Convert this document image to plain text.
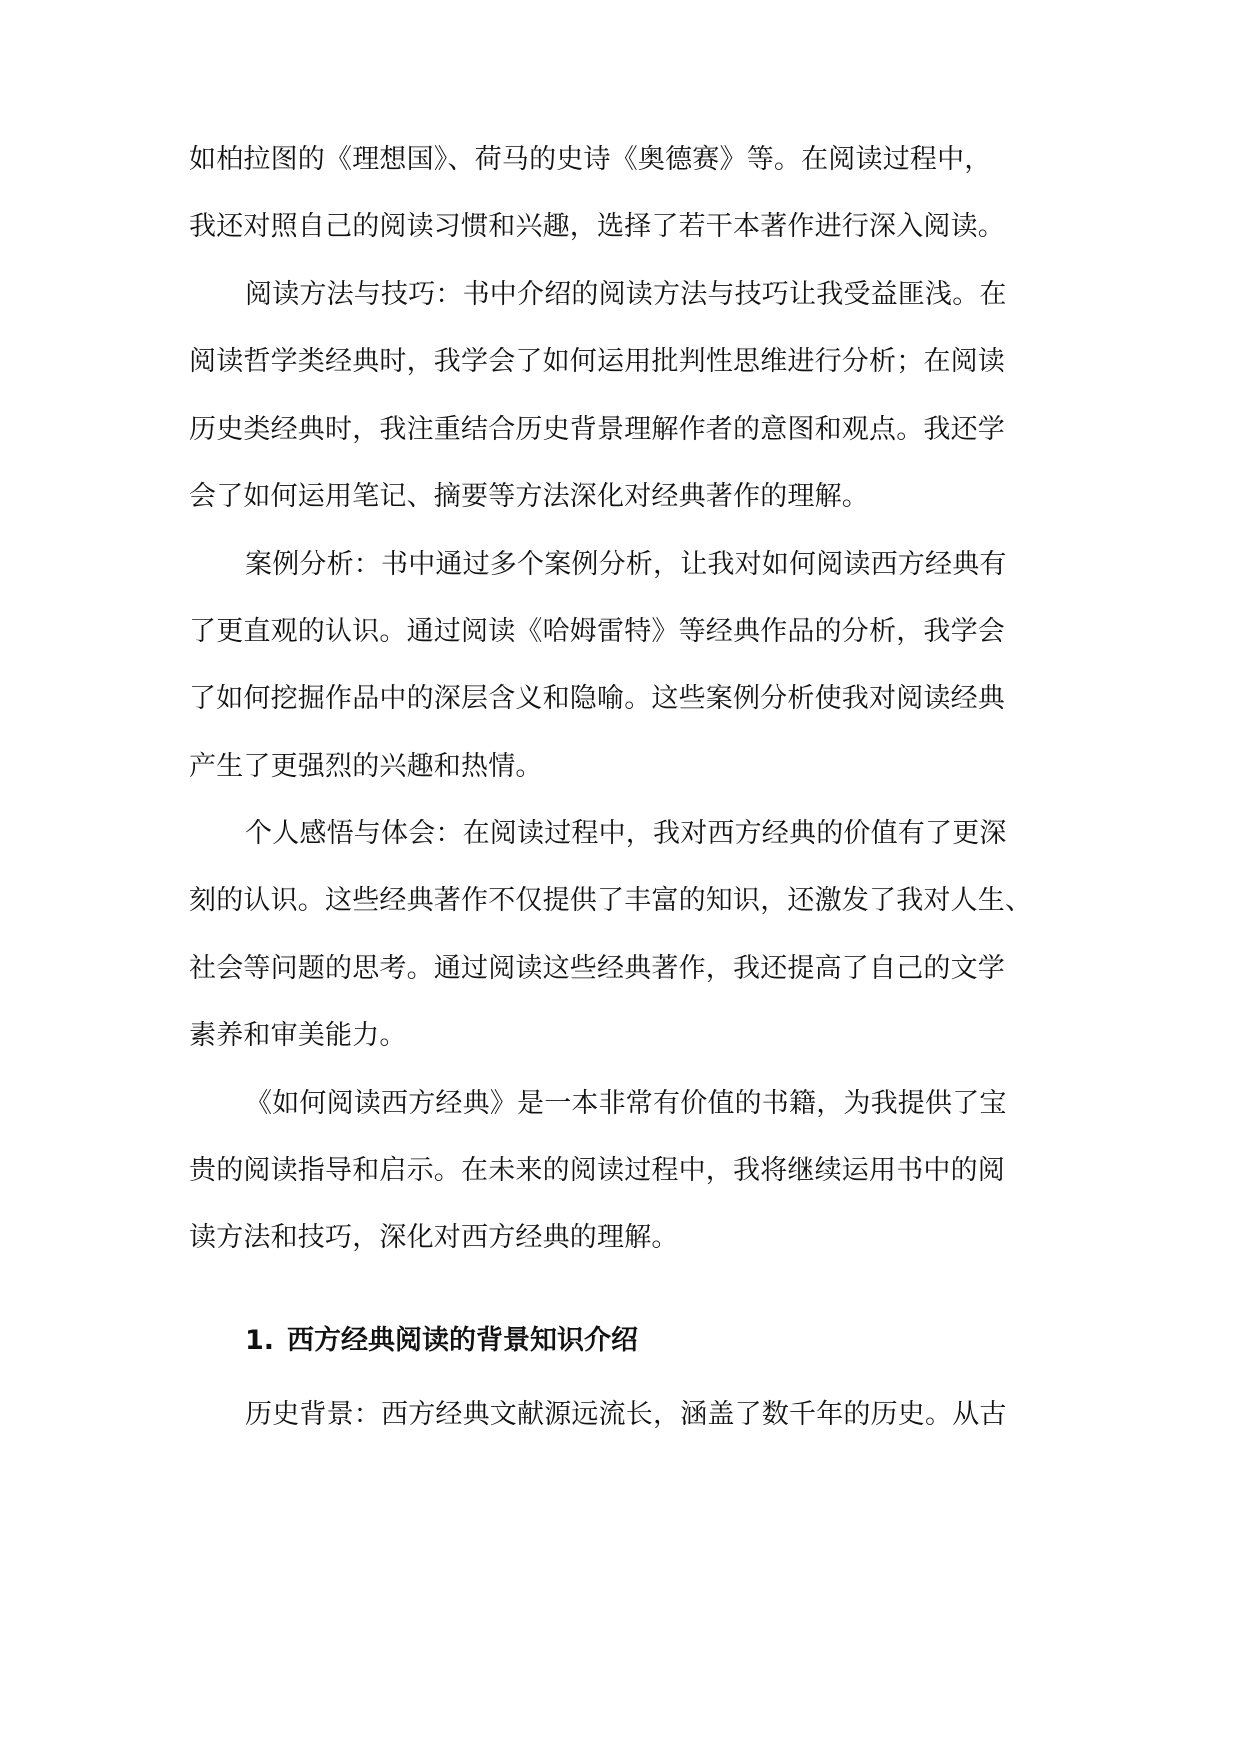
如柏拉图的《理想国》、荷马的史诗《奥德赛》等。在阅读过程中，
我还对照自己的阅读习惯和兴趣，选择了若干本著作进行深入阅读。
阅读方法与技巧：书中介绍的阅读方法与技巧让我受益匪浅。在
阅读哲学类经典时，我学会了如何运用批判性思维进行分析；在阅读
历史类经典时，我注重结合历史背景理解作者的意图和观点。我还学
会了如何运用笔记、摘要等方法深化对经典著作的理解。
案例分析：书中通过多个案例分析，让我对如何阅读西方经典有
了更直观的认识。通过阅读《哈姆雷特》等经典作品的分析，我学会
了如何挖掘作品中的深层含义和隐喻。这些案例分析使我对阅读经典
产生了更强烈的兴趣和热情。
个人感悟与体会：在阅读过程中，我对西方经典的价值有了更深
刻的认识。这些经典著作不仅提供了丰富的知识，还激发了我对人生、
社会等问题的思考。通过阅读这些经典著作，我还提高了自己的文学
素养和审美能力。
《如何阅读西方经典》是一本非常有价值的书籍，为我提供了宝
贵的阅读指导和启示。在未来的阅读过程中，我将继续运用书中的阅
读方法和技巧，深化对西方经典的理解。
1. 西方经典阅读的背景知识介绍
历史背景：西方经典文献源远流长，涵盖了数千年的历史。从古
